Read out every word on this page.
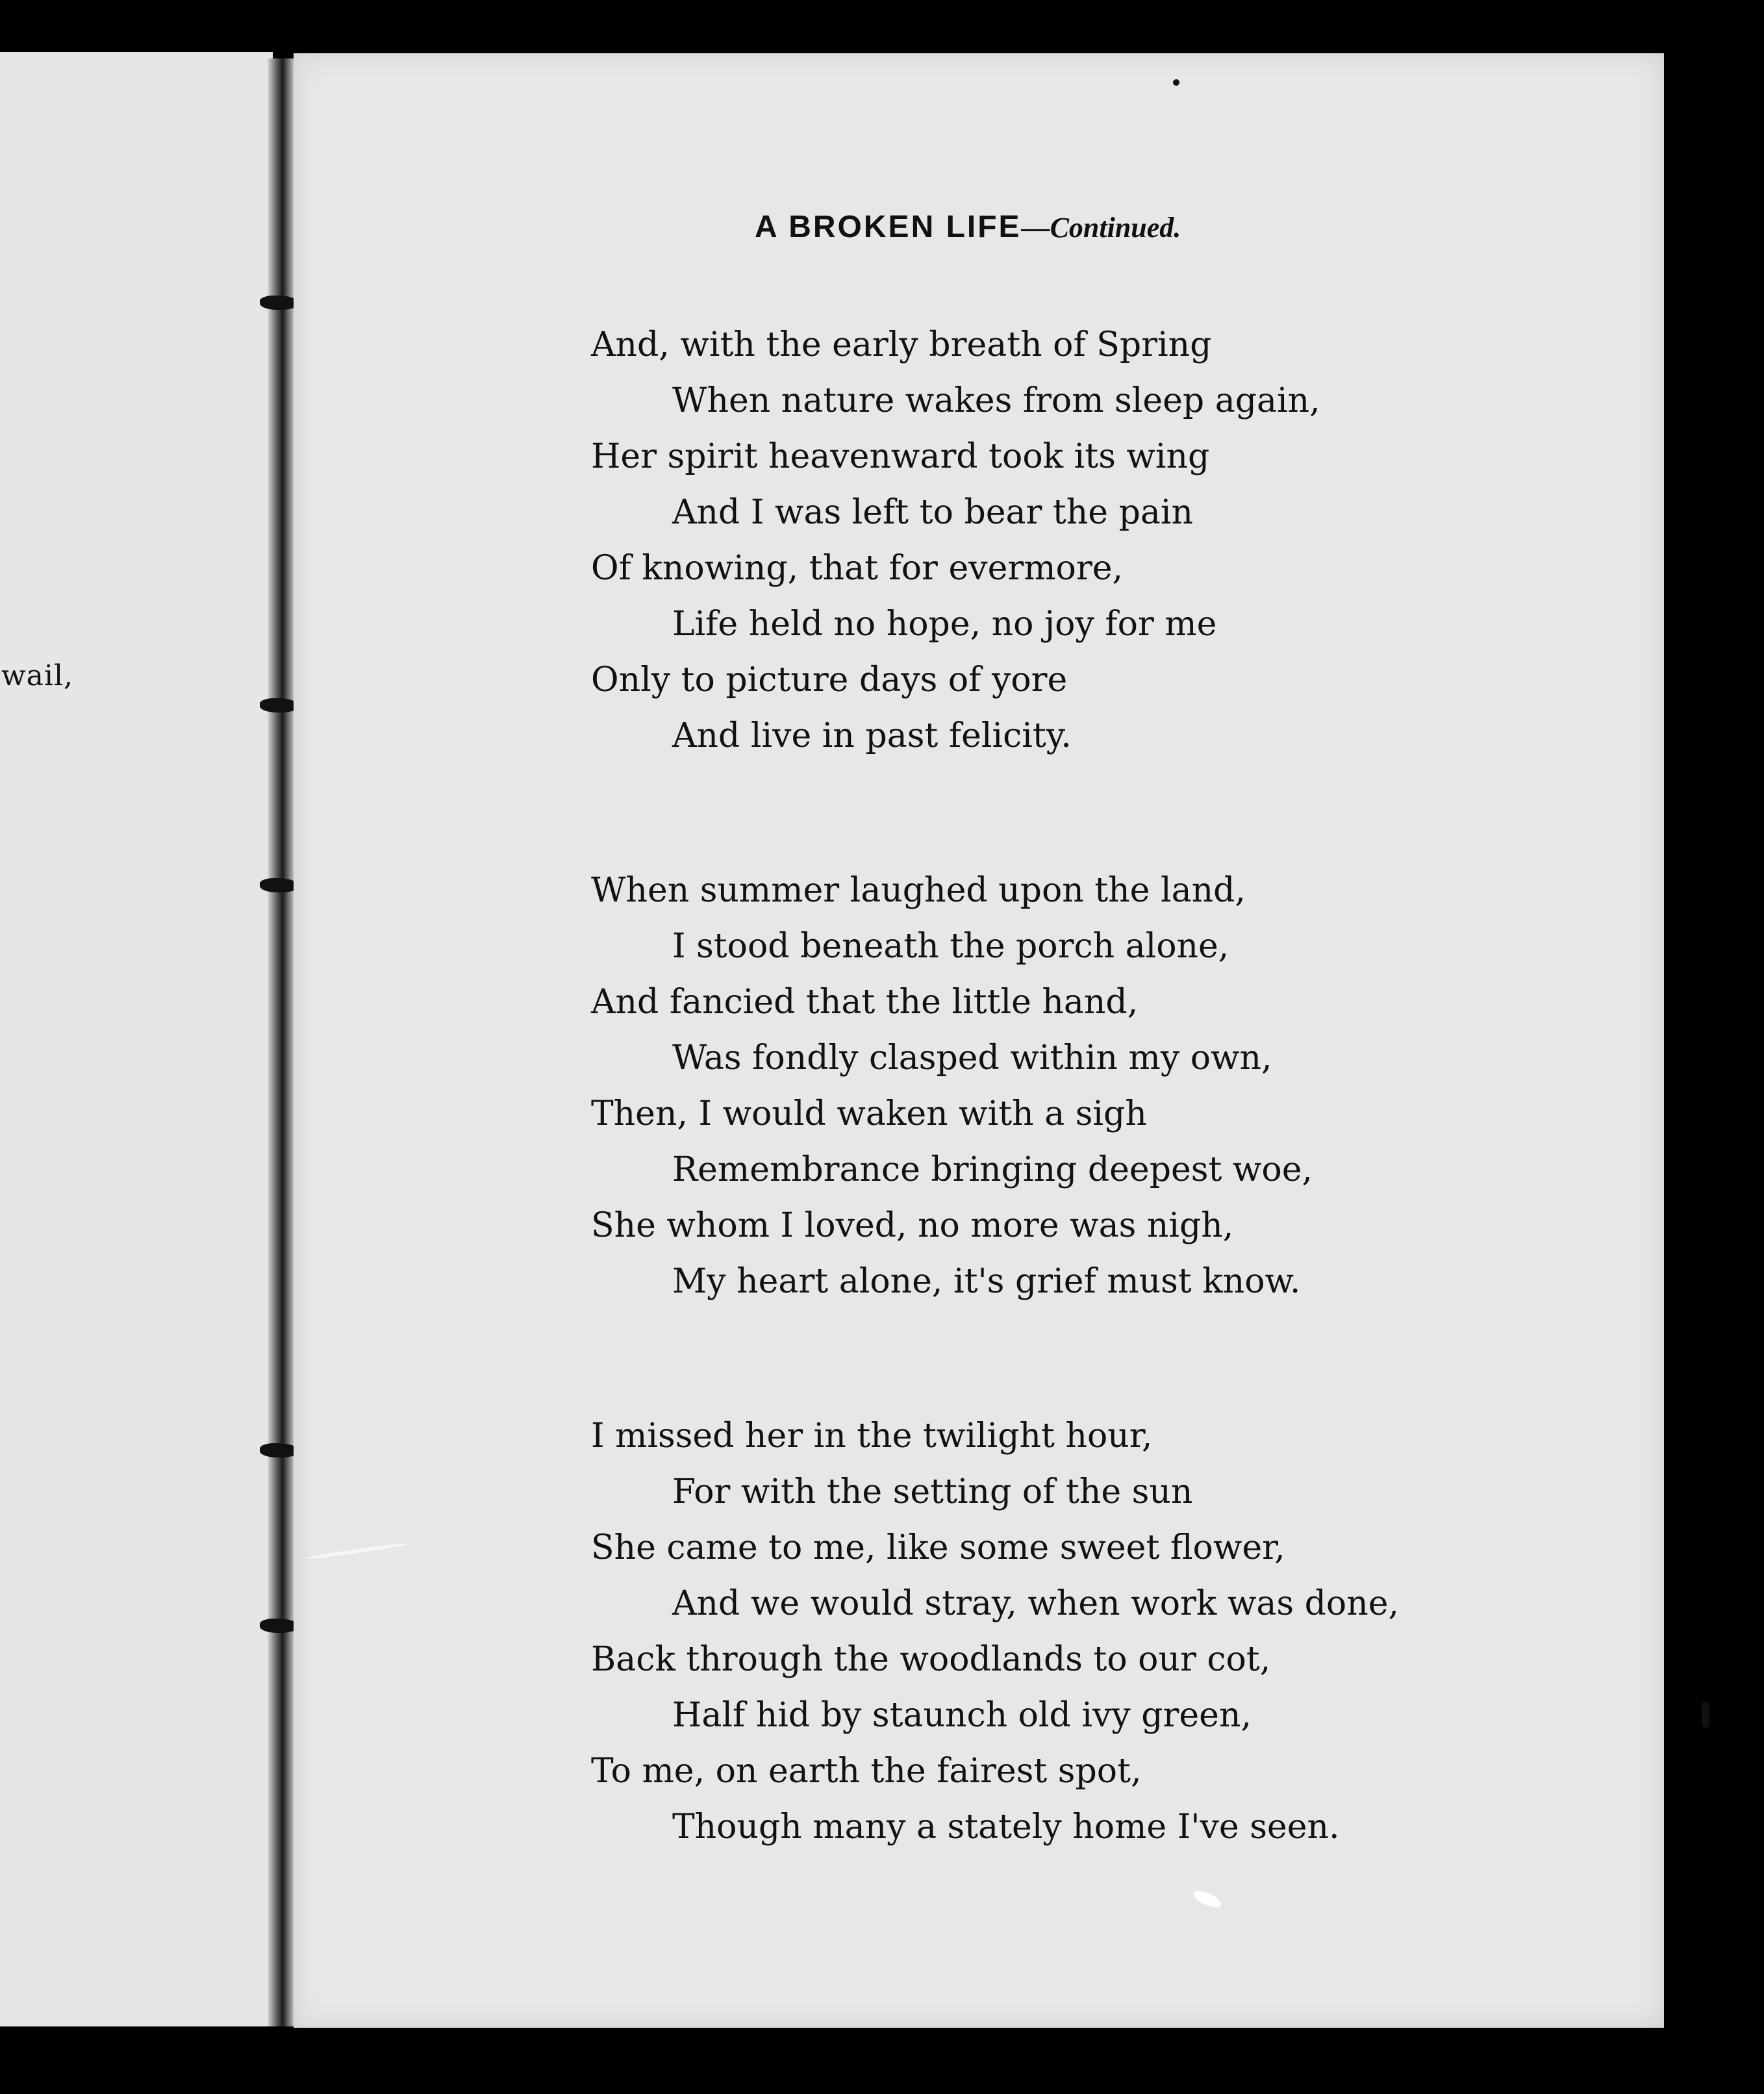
wail,
A BROKEN LIFE—Continued.
And, with the early breath of Spring
When nature wakes from sleep again,
Her spirit heavenward took its wing
And I was left to bear the pain
Of knowing, that for evermore,
Life held no hope, no joy for me
Only to picture days of yore
And live in past felicity.
When summer laughed upon the land,
I stood beneath the porch alone,
And fancied that the little hand,
Was fondly clasped within my own,
Then, I would waken with a sigh
Remembrance bringing deepest woe,
She whom I loved, no more was nigh,
My heart alone, it's grief must know.
I missed her in the twilight hour,
For with the setting of the sun
She came to me, like some sweet flower,
And we would stray, when work was done,
Back through the woodlands to our cot,
Half hid by staunch old ivy green,
To me, on earth the fairest spot,
Though many a stately home I've seen.
